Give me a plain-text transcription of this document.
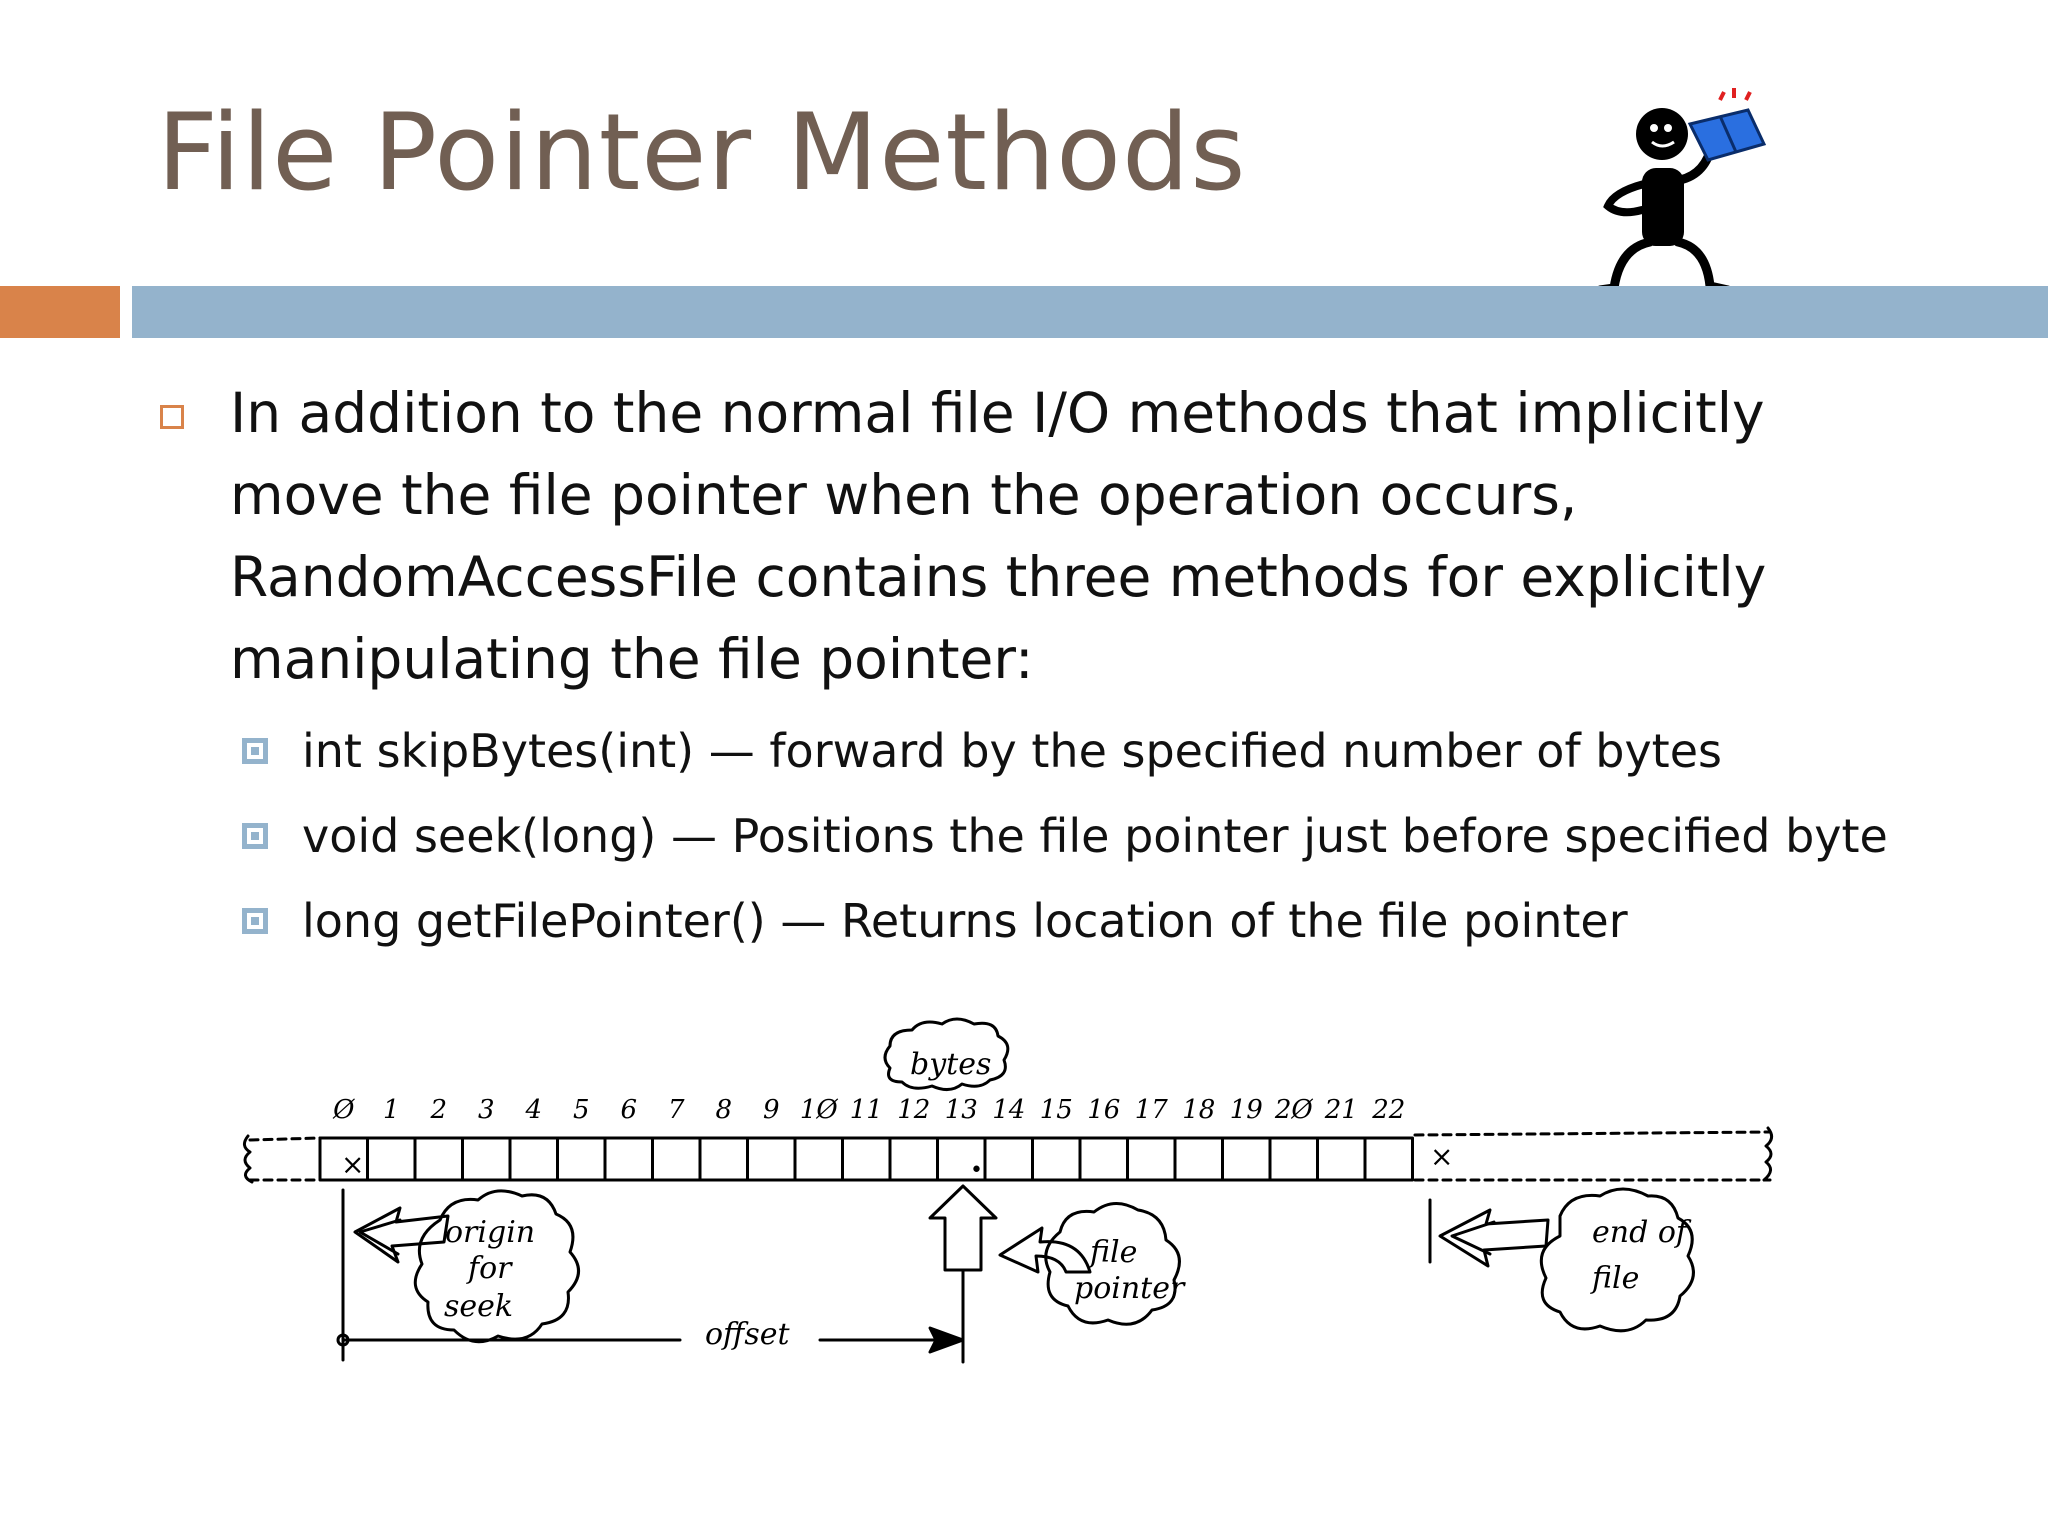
File Pointer Methods
In addition to the normal file I/O methods that implicitly move the file pointer when the operation occurs, RandomAccessFile contains three methods for explicitly manipulating the file pointer:
int skipBytes(int) — forward by the specified number of bytes
void seek(long) — Positions the file pointer just before specified byte
long getFilePointer() — Returns location of the file pointer
bytes
Ø 1 2 3 4 5 6 7 8 9 1Ø 11 12 13 14 15 16 17 18 19 2Ø 21 22
×	×
•
origin
for
seek
offset
file
pointer
end of
file
